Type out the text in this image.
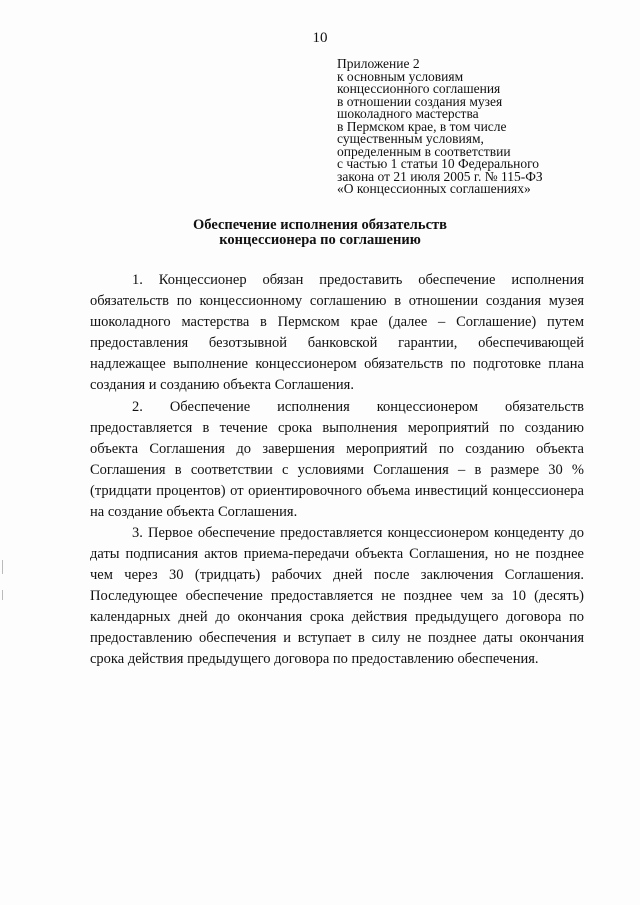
10
Приложение 2
к основным условиям
концессионного соглашения
в отношении создания музея
шоколадного мастерства
в Пермском крае, в том числе
существенным условиям,
определенным в соответствии
с частью 1 статьи 10 Федерального
закона от 21 июля 2005 г. № 115-ФЗ
«О концессионных соглашениях»
Обеспечение исполнения обязательств
концессионера по соглашению

1. Концессионер обязан предоставить обеспечение исполнения обязательств по концессионному соглашению в отношении создания музея шоколадного мастерства в Пермском крае (далее – Соглашение) путем предоставления безотзывной банковской гарантии, обеспечивающей надлежащее выполнение концессионером обязательств по подготовке плана создания и созданию объекта Соглашения.

2. Обеспечение исполнения концессионером обязательств предоставляется в течение срока выполнения мероприятий по созданию объекта Соглашения до завершения мероприятий по созданию объекта Соглашения в соответствии с условиями Соглашения – в размере 30 % (тридцати процентов) от ориентировочного объема инвестиций концессионера на создание объекта Соглашения.

3. Первое обеспечение предоставляется концессионером концеденту до даты подписания актов приема-передачи объекта Соглашения, но не позднее чем через 30 (тридцать) рабочих дней после заключения Соглашения. Последующее обеспечение предоставляется не позднее чем за 10 (десять) календарных дней до окончания срока действия предыдущего договора по предоставлению обеспечения и вступает в силу не позднее даты окончания срока действия предыдущего договора по предоставлению обеспечения.
